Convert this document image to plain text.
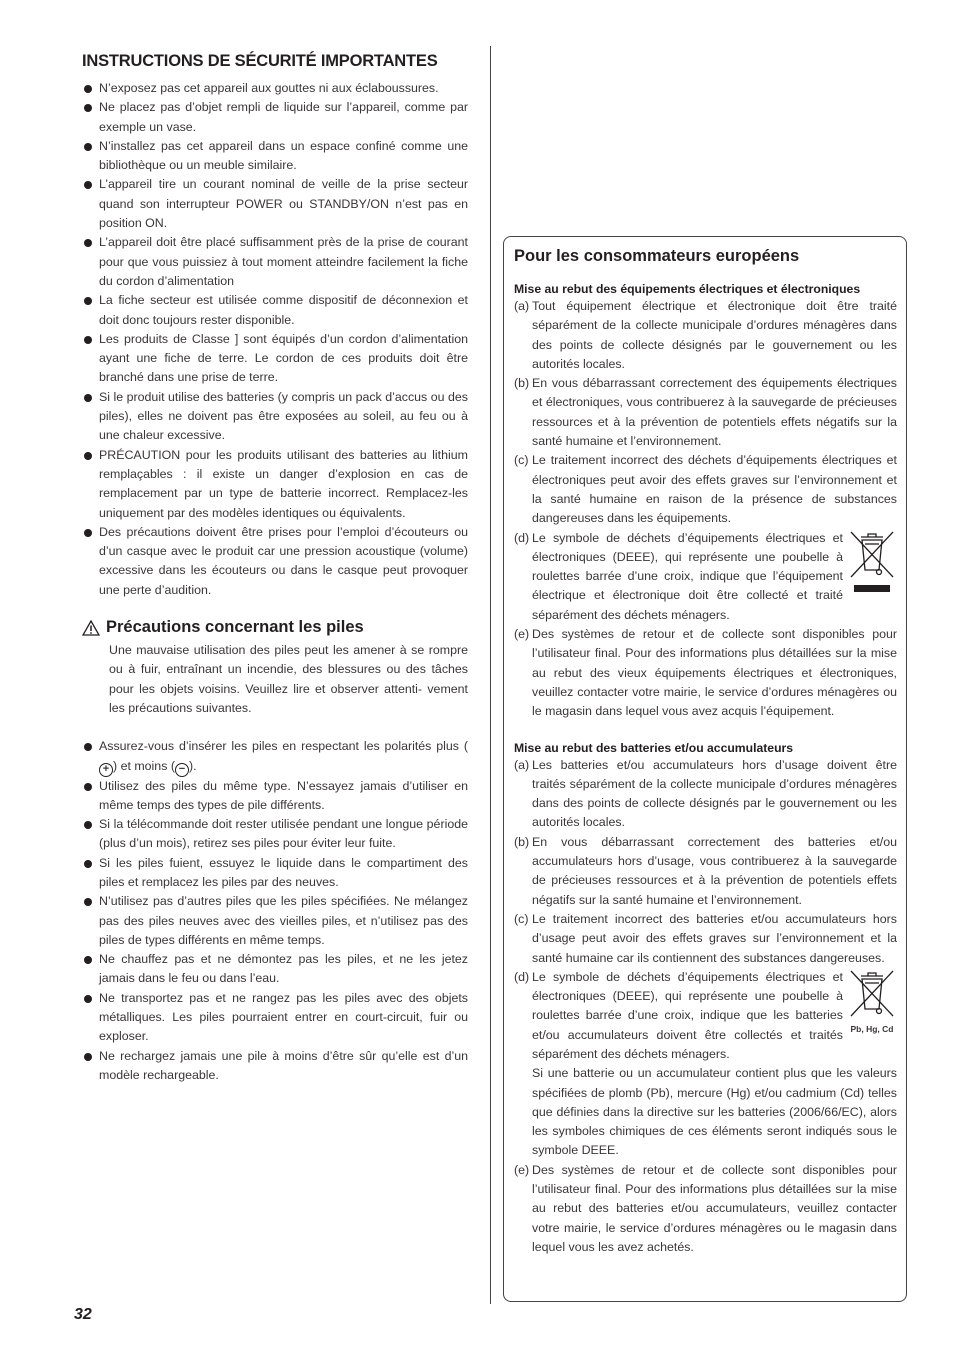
INSTRUCTIONS DE SÉCURITÉ IMPORTANTES
N’exposez pas cet appareil aux gouttes ni aux éclaboussures.
Ne placez pas d’objet rempli de liquide sur l’appareil, comme par exemple un vase.
N’installez pas cet appareil dans un espace confiné comme une bibliothèque ou un meuble similaire.
L’appareil tire un courant nominal de veille de la prise secteur quand son interrupteur POWER ou STANDBY/ON n’est pas en position ON.
L’appareil doit être placé suffisamment près de la prise de courant pour que vous puissiez à tout moment atteindre facilement la fiche du cordon d’alimentation
La fiche secteur est utilisée comme dispositif de déconnexion et doit donc toujours rester disponible.
Les produits de Classe ] sont équipés d’un cordon d’alimentation ayant une fiche de terre. Le cordon de ces produits doit être branché dans une prise de terre.
Si le produit utilise des batteries (y compris un pack d’accus ou des piles), elles ne doivent pas être exposées au soleil, au feu ou à une chaleur excessive.
PRÉCAUTION pour les produits utilisant des batteries au lithium remplaçables : il existe un danger d’explosion en cas de remplacement par un type de batterie incorrect. Remplacez-les uniquement par des modèles identiques ou équivalents.
Des précautions doivent être prises pour l’emploi d’écouteurs ou d’un casque avec le produit car une pression acoustique (volume) excessive dans les écouteurs ou dans le casque peut provoquer une perte d’audition.
Précautions concernant les piles

Une mauvaise utilisation des piles peut les amener à se rompre ou à fuir, entraînant un incendie, des blessures ou des tâches pour les objets voisins. Veuillez lire et observer attenti- vement les précautions suivantes.

Assurez-vous d’insérer les piles en respectant les polarités plus (+ ) et moins ( − ).
Utilisez des piles du même type. N’essayez jamais d’utiliser en même temps des types de pile différents.
Si la télécommande doit rester utilisée pendant une longue période (plus d’un mois), retirez ses piles pour éviter leur fuite.
Si les piles fuient, essuyez le liquide dans le compartiment des piles et remplacez les piles par des neuves.
N’utilisez pas d’autres piles que les piles spécifiées. Ne mélangez pas des piles neuves avec des vieilles piles, et n’utilisez pas des piles de types différents en même temps.
Ne chauffez pas et ne démontez pas les piles, et ne les jetez jamais dans le feu ou dans l’eau.
Ne transportez pas et ne rangez pas les piles avec des objets métalliques. Les piles pourraient entrer en court-circuit, fuir ou exploser.
Ne rechargez jamais une pile à moins d’être sûr qu’elle est d’un modèle rechargeable.
Pour les consommateurs européens
Mise au rebut des équipements électriques et électroniques
(a) Tout équipement électrique et électronique doit être traité séparément de la collecte municipale d’ordures ménagères dans des points de collecte désignés par le gouvernement ou les autorités locales.
(b) En vous débarrassant correctement des équipements électriques et électroniques, vous contribuerez à la sauvegarde de précieuses ressources et à la prévention de potentiels effets négatifs sur la santé humaine et l’environnement.
(c) Le traitement incorrect des déchets d’équipements électriques et électroniques peut avoir des effets graves sur l’environnement et la santé humaine en raison de la présence de substances dangereuses dans les équipements.
(d) Le symbole de déchets d’équipements électriques et électroniques (DEEE), qui représente une poubelle à roulettes barrée d’une croix, indique que l’équipement électrique et électronique doit être collecté et traité séparément des déchets ménagers.
(e) Des systèmes de retour et de collecte sont disponibles pour l’utilisateur final. Pour des informations plus détaillées sur la mise au rebut des vieux équipements électriques et électroniques, veuillez contacter votre mairie, le service d’ordures ménagères ou le magasin dans lequel vous avez acquis l’équipement.
Mise au rebut des batteries et/ou accumulateurs
(a) Les batteries et/ou accumulateurs hors d’usage doivent être traités séparément de la collecte municipale d’ordures ménagères dans des points de collecte désignés par le gouvernement ou les autorités locales.
(b) En vous débarrassant correctement des batteries et/ou accumulateurs hors d’usage, vous contribuerez à la sauvegarde de précieuses ressources et à la prévention de potentiels effets négatifs sur la santé humaine et l’environnement.
(c) Le traitement incorrect des batteries et/ou accumulateurs hors d’usage peut avoir des effets graves sur l’environnement et la santé humaine car ils contiennent des substances dangereuses.
(d)
Pb, Hg, Cd
Le symbole de déchets d’équipements électriques et électroniques (DEEE), qui représente une poubelle à roulettes barrée d’une croix, indique que les batteries et/ou accumulateurs doivent être collectés et traités séparément des déchets ménagers.
Si une batterie ou un accumulateur contient plus que les valeurs spécifiées de plomb (Pb), mercure (Hg) et/ou cadmium (Cd) telles que définies dans la directive sur les batteries (2006/66/EC), alors les symboles chimiques de ces éléments seront indiqués sous le symbole DEEE.
(e) Des systèmes de retour et de collecte sont disponibles pour l’utilisateur final. Pour des informations plus détaillées sur la mise au rebut des batteries et/ou accumulateurs, veuillez contacter votre mairie, le service d’ordures ménagères ou le magasin dans lequel vous les avez achetés.
32
